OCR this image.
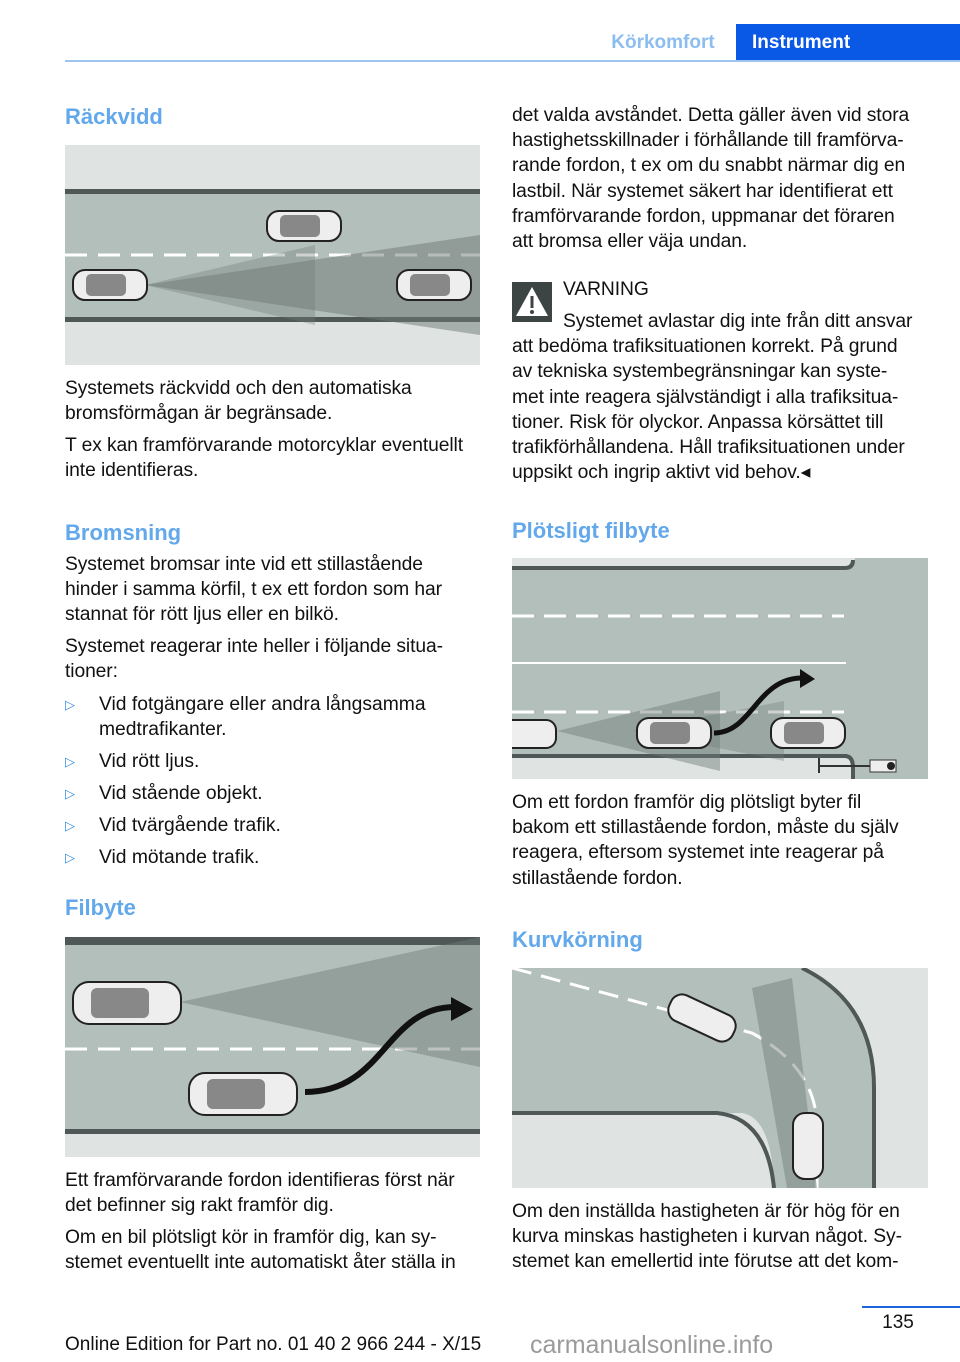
Körkomfort	Instrument
Räckvidd
Systemets räckvidd och den automatiska
bromsförmågan är begränsade.
T ex kan framförvarande motorcyklar eventuellt
inte identifieras.
Bromsning
Systemet bromsar inte vid ett stillastående
hinder i samma körfil, t ex ett fordon som har
stannat för rött ljus eller en bilkö.
Systemet reagerar inte heller i följande situa-
tioner:
▷ Vid fotgängare eller andra långsamma
medtrafikanter.
▷ Vid rött ljus.
▷ Vid stående objekt.
▷ Vid tvärgående trafik.
▷ Vid mötande trafik.
Filbyte
Ett framförvarande fordon identifieras först när
det befinner sig rakt framför dig.
Om en bil plötsligt kör in framför dig, kan sy-
stemet eventuellt inte automatiskt åter ställa in
det valda avståndet. Detta gäller även vid stora
hastighetsskillnader i förhållande till framförva-
rande fordon, t ex om du snabbt närmar dig en
lastbil. När systemet säkert har identifierat ett
framförvarande fordon, uppmanar det föraren
att bromsa eller väja undan.
VARNING
Systemet avlastar dig inte från ditt ansvar
att bedöma trafiksituationen korrekt. På grund
av tekniska systembegränsningar kan syste-
met inte reagera självständigt i alla trafiksitua-
tioner. Risk för olyckor. Anpassa körsättet till
trafikförhållandena. Håll trafiksituationen under
uppsikt och ingrip aktivt vid behov.◂
Plötsligt filbyte
Om ett fordon framför dig plötsligt byter fil
bakom ett stillastående fordon, måste du själv
reagera, eftersom systemet inte reagerar på
stillastående fordon.
Kurvkörning
Om den inställda hastigheten är för hög för en
kurva minskas hastigheten i kurvan något. Sy-
stemet kan emellertid inte förutse att det kom-
135
Online Edition for Part no. 01 40 2 966 244 - X/15 carmanualsonline.info
